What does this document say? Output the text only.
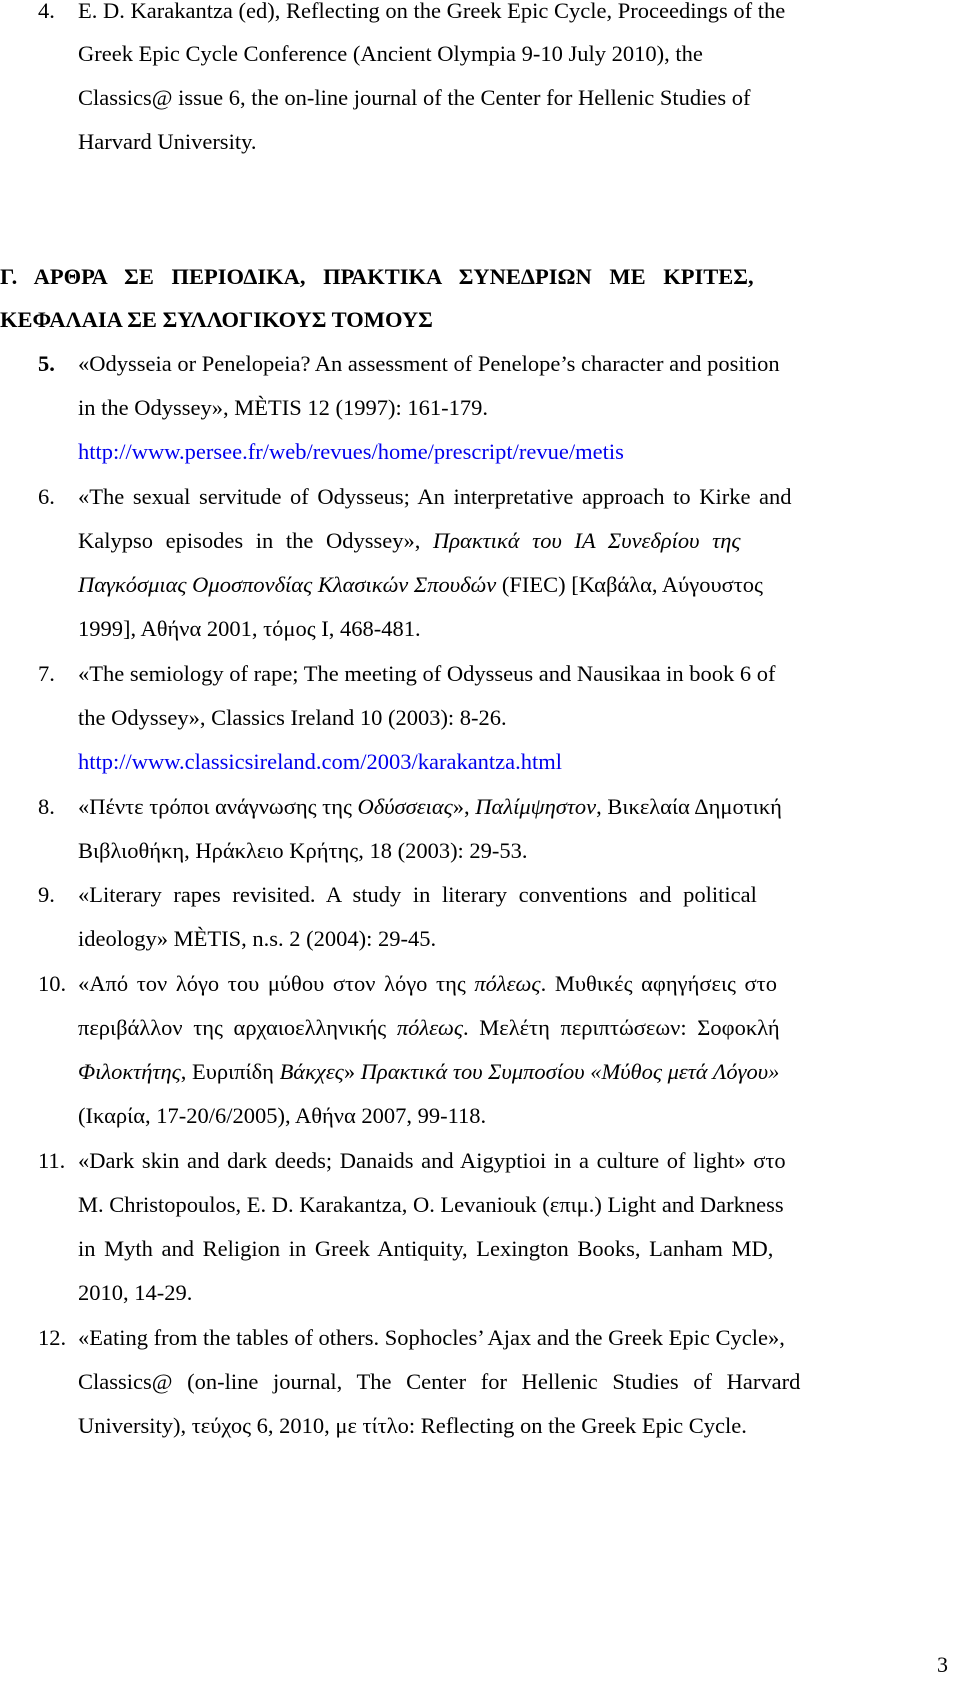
4. E. D. Karakantza (ed), Reflecting on the Greek Epic Cycle, Proceedings of the
Greek Epic Cycle Conference (Ancient Olympia 9-10 July 2010), the
Classics@ issue 6, the on-line journal of the Center for Hellenic Studies of
Harvard University.
Γ. ΑΡΘΡΑ ΣΕ ΠΕΡΙΟΔΙΚΑ, ΠΡΑΚΤΙΚΑ ΣΥΝΕΔΡΙΩΝ ΜΕ ΚΡΙΤΕΣ,
ΚΕΦΑΛΑΙΑ ΣΕ ΣΥΛΛΟΓΙΚΟΥΣ ΤΟΜΟΥΣ
5. «Odysseia or Penelopeia? An assessment of Penelope’s character and position
in the Odyssey», MÈTIS 12 (1997): 161-179.
http://www.persee.fr/web/revues/home/prescript/revue/metis
6. «The sexual servitude of Odysseus; An interpretative approach to Kirke and
Kalypso episodes in the Odyssey», Πρακτικά του ΙΑ Συνεδρίου της
Παγκόσμιας Ομοσπονδίας Κλασικών Σπουδών (FIEC) [Καβάλα, Αύγουστος
1999], Αθήνα 2001, τόμος Ι, 468-481.
7. «The semiology of rape; The meeting of Odysseus and Nausikaa in book 6 of
the Odyssey», Classics Ireland 10 (2003): 8-26.
http://www.classicsireland.com/2003/karakantza.html
8. «Πέντε τρόποι ανάγνωσης της Οδύσσειας», Παλίμψηστον, Βικελαία Δημοτική
Βιβλιοθήκη, Ηράκλειο Κρήτης, 18 (2003): 29-53.
9. «Literary rapes revisited. A study in literary conventions and political
ideology» MÈTIS, n.s. 2 (2004): 29-45.
10. «Από τον λόγο του μύθου στον λόγο της πόλεως. Μυθικές αφηγήσεις στο
περιβάλλον της αρχαιοελληνικής πόλεως. Μελέτη περιπτώσεων: Σοφοκλή
Φιλοκτήτης, Ευριπίδη Βάκχες» Πρακτικά του Συμποσίου «Μύθος μετά Λόγου»
(Ικαρία, 17-20/6/2005), Αθήνα 2007, 99-118.
11. «Dark skin and dark deeds; Danaids and Aigyptioi in a culture of light» στο
M. Christopoulos, E. D. Karakantza, O. Levaniouk (επιμ.) Light and Darkness
in Myth and Religion in Greek Antiquity, Lexington Books, Lanham MD,
2010, 14-29.
12. «Eating from the tables of others. Sophocles’ Ajax and the Greek Epic Cycle»,
Classics@ (on-line journal, The Center for Hellenic Studies of Harvard
University), τεύχος 6, 2010, με τίτλο: Reflecting on the Greek Epic Cycle.
3
